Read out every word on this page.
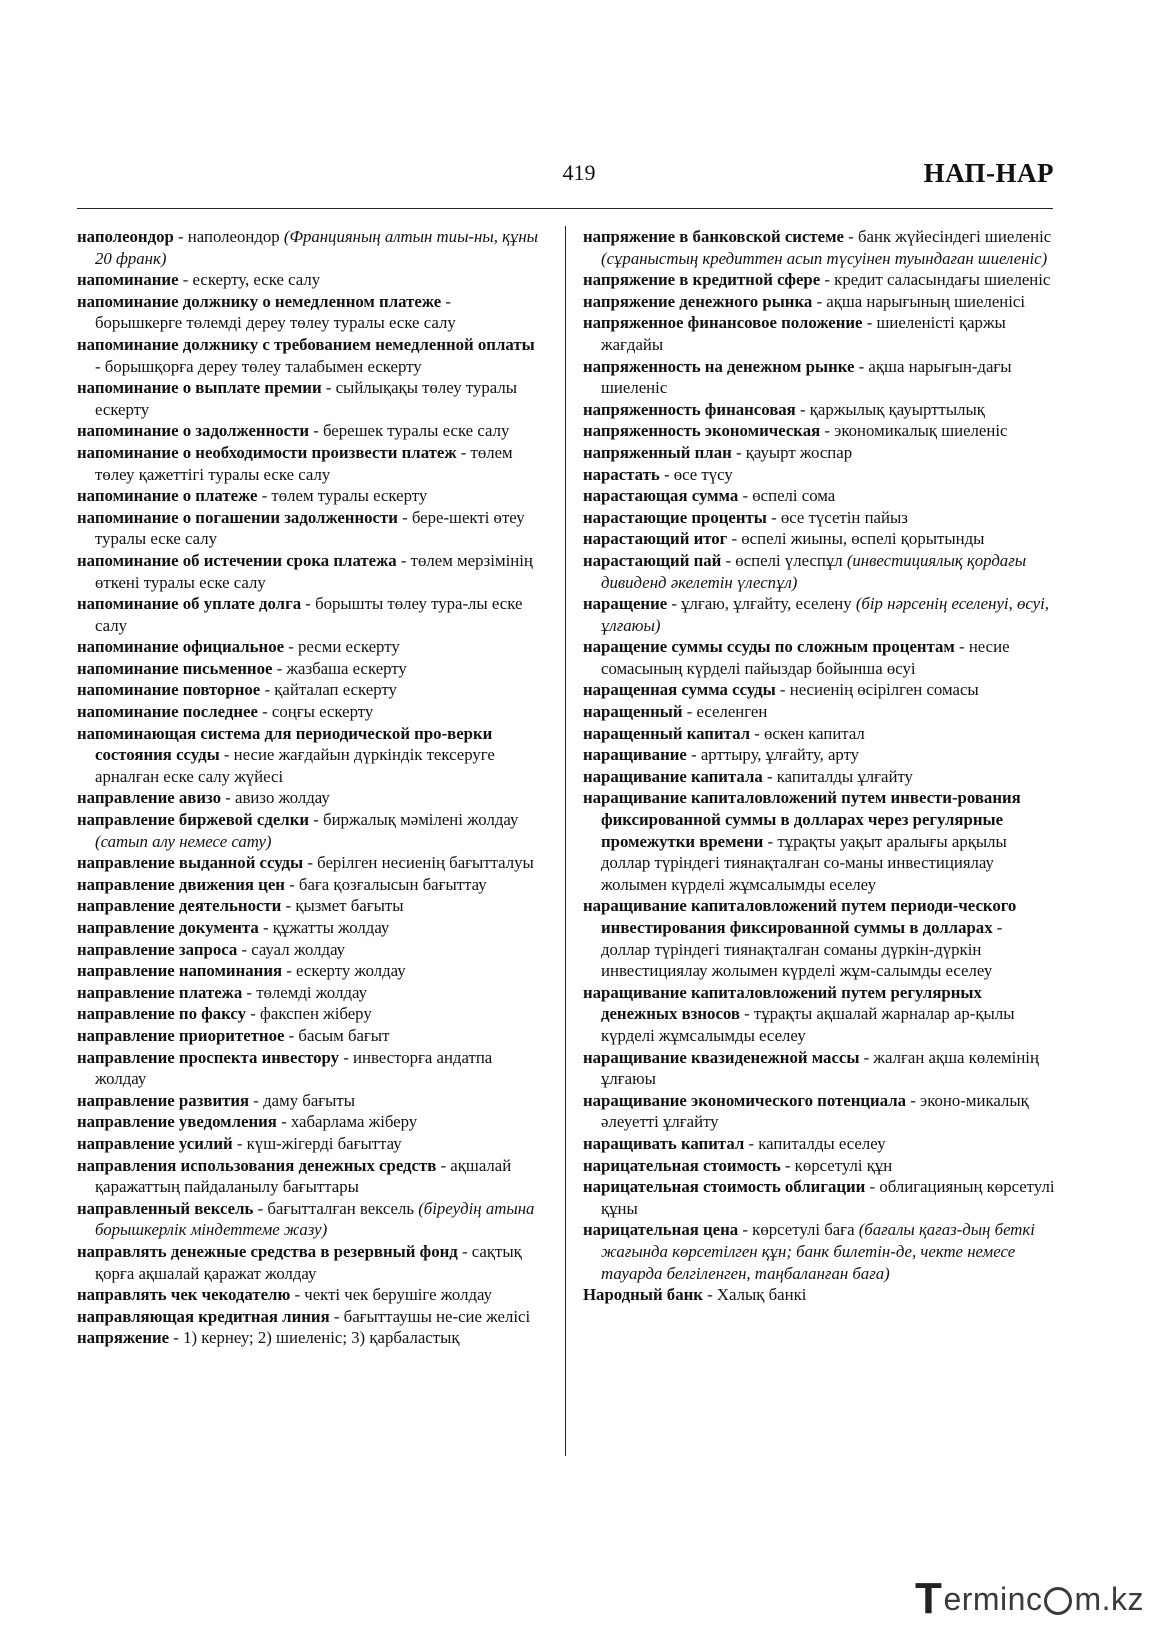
419	НАП-НАР

наполеондор - наполеондор (Францияның алтын тиы-ны, құны 20 франк)

напоминание - ескерту, еске салу

напоминание должнику о немедленном платеже - борышкерге төлемді дереу төлеу туралы еске салу

напоминание должнику с требованием немедленной оплаты - борышқорға дереу төлеу талабымен ескерту

напоминание о выплате премии - сыйлықақы төлеу туралы ескерту

напоминание о задолженности - берешек туралы еске салу

напоминание о необходимости произвести платеж - төлем төлеу қажеттігі туралы еске салу

напоминание о платеже - төлем туралы ескерту

напоминание о погашении задолженности - бере-шекті өтеу туралы еске салу

напоминание об истечении срока платежа - төлем мерзімінің өткені туралы еске салу

напоминание об уплате долга - борышты төлеу тура-лы еске салу

напоминание официальное - ресми ескерту

напоминание письменное - жазбаша ескерту

напоминание повторное - қайталап ескерту

напоминание последнее - соңғы ескерту

напоминающая система для периодической про-верки состояния ссуды - несие жағдайын дүркіндік тексеруге арналған еске салу жүйесі

направление авизо - авизо жолдау

направление биржевой сделки - биржалық мәмілені жолдау (сатып алу немесе сату)

направление выданной ссуды - берілген несиенің бағытталуы

направление движения цен - баға қозғалысын бағыттау

направление деятельности - қызмет бағыты

направление документа - құжатты жолдау

направление запроса - сауал жолдау

направление напоминания - ескерту жолдау

направление платежа - төлемді жолдау

направление по факсу - факспен жіберу

направление приоритетное - басым бағыт

направление проспекта инвестору - инвесторға андатпа жолдау

направление развития - даму бағыты

направление уведомления - хабарлама жіберу

направление усилий - күш-жігерді бағыттау

направления использования денежных средств - ақшалай қаражаттың пайдаланылу бағыттары

направленный вексель - бағытталған вексель (біреудің атына борышкерлік міндеттеме жазу)

направлять денежные средства в резервный фонд - сақтық қорға ақшалай қаражат жолдау

направлять чек чекодателю - чекті чек берушіге жолдау

направляющая кредитная линия - бағыттаушы не-сие желісі

напряжение - 1) кернеу; 2) шиеленіс; 3) қарбаластық

напряжение в банковской системе - банк жүйесіндегі шиеленіс (сұраныстың кредиттен асып түсуінен туындаған шиеленіс)

напряжение в кредитной сфере - кредит саласындағы шиеленіс

напряжение денежного рынка - ақша нарығының шиеленісі

напряженное финансовое положение - шиеленісті қаржы жағдайы

напряженность на денежном рынке - ақша нарығын-дағы шиеленіс

напряженность финансовая - қаржылық қауырттылық

напряженность экономическая - экономикалық шиеленіс

напряженный план - қауырт жоспар

нарастать - өсе түсу

нарастающая сумма - өспелі сома

нарастающие проценты - өсе түсетін пайыз

нарастающий итог - өспелі жиыны, өспелі қорытынды

нарастающий пай - өспелі үлеспұл (инвестициялық қордағы дивиденд әкелетін үлеспұл)

наращение - ұлғаю, ұлғайту, еселену (бір нәрсенің еселенуі, өсуі, ұлғаюы)

наращение суммы ссуды по сложным процентам - несие сомасының күрделі пайыздар бойынша өсуі

наращенная сумма ссуды - несиенің өсірілген сомасы

наращенный - еселенген

наращенный капитал - өскен капитал

наращивание - арттыру, ұлғайту, арту

наращивание капитала - капиталды ұлғайту

наращивание капиталовложений путем инвести-рования фиксированной суммы в долларах через регулярные промежутки времени - тұрақты уақыт аралығы арқылы доллар түріндегі тиянақталған со-маны инвестициялау жолымен күрделі жұмсалымды еселеу

наращивание капиталовложений путем периоди-ческого инвестирования фиксированной суммы в долларах - доллар түріндегі тиянақталған соманы дүркін-дүркін инвестициялау жолымен күрделі жұм-салымды еселеу

наращивание капиталовложений путем регулярных денежных взносов - тұрақты ақшалай жарналар ар-қылы күрделі жұмсалымды еселеу

наращивание квазиденежной массы - жалған ақша көлемінің ұлғаюы

наращивание экономического потенциала - эконо-микалық әлеуетті ұлғайту

наращивать капитал - капиталды еселеу

нарицательная стоимость - көрсетулі құн

нарицательная стоимость облигации - облигацияның көрсетулі құны

нарицательная цена - көрсетулі баға (бағалы қағаз-дың беткі жағында көрсетілген құн; банк билетін-де, чекте немесе тауарда белгіленген, таңбаланған баға)

Народный банк - Халық банкі

T erminc m.kz
